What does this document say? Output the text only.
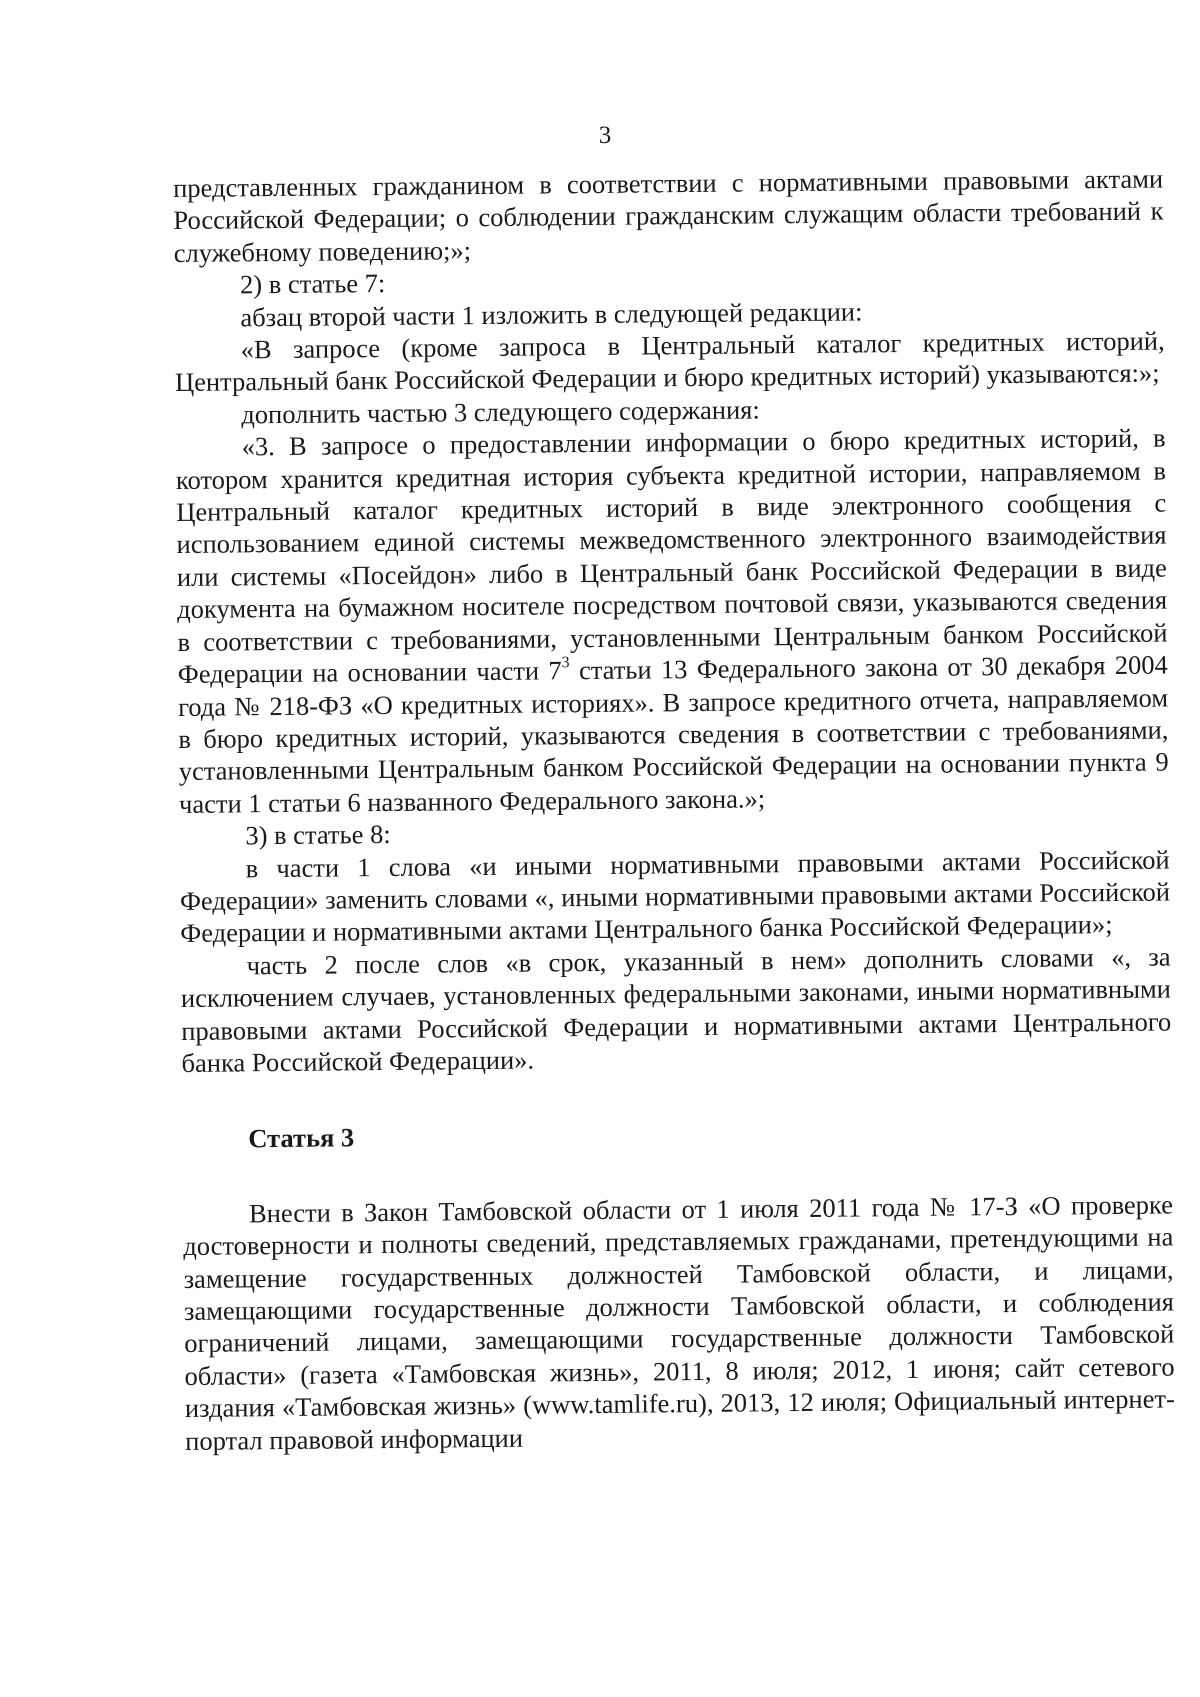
3

представленных гражданином в соответствии с нормативными правовыми актами Российской Федерации; о соблюдении гражданским служащим области требований к служебному поведению;»;

2) в статье 7:

абзац второй части 1 изложить в следующей редакции:

«В запросе (кроме запроса в Центральный каталог кредитных историй, Центральный банк Российской Федерации и бюро кредитных историй) указываются:»;

дополнить частью 3 следующего содержания:

«3. В запросе о предоставлении информации о бюро кредитных историй, в котором хранится кредитная история субъекта кредитной истории, направляемом в Центральный каталог кредитных историй в виде электронного сообщения с использованием единой системы межведомственного электронного взаимодействия или системы «Посейдон» либо в Центральный банк Российской Федерации в виде документа на бумажном носителе посредством почтовой связи, указываются сведения в соответствии с требованиями, установленными Центральным банком Российской Федерации на основании части $7^3$ статьи 13 Федерального закона от 30 декабря 2004 года № 218-ФЗ «О кредитных историях». В запросе кредитного отчета, направляемом в бюро кредитных историй, указываются сведения в соответствии с требованиями, установленными Центральным банком Российской Федерации на основании пункта 9 части 1 статьи 6 названного Федерального закона.»;

3) в статье 8:

в части 1 слова «и иными нормативными правовыми актами Российской Федерации» заменить словами «, иными нормативными правовыми актами Российской Федерации и нормативными актами Центрального банка Российской Федерации»;

часть 2 после слов «в срок, указанный в нем» дополнить словами «, за исключением случаев, установленных федеральными законами, иными нормативными правовыми актами Российской Федерации и нормативными актами Центрального банка Российской Федерации».

Статья 3

Внести в Закон Тамбовской области от 1 июля 2011 года № 17-З «О проверке достоверности и полноты сведений, представляемых гражданами, претендующими на замещение государственных должностей Тамбовской области, и лицами, замещающими государственные должности Тамбовской области, и соблюдения ограничений лицами, замещающими государственные должности Тамбовской области» (газета «Тамбовская жизнь», 2011, 8 июля; 2012, 1 июня; сайт сетевого издания «Тамбовская жизнь» (www.tamlife.ru), 2013, 12 июля; Официальный интернет-портал правовой информации
